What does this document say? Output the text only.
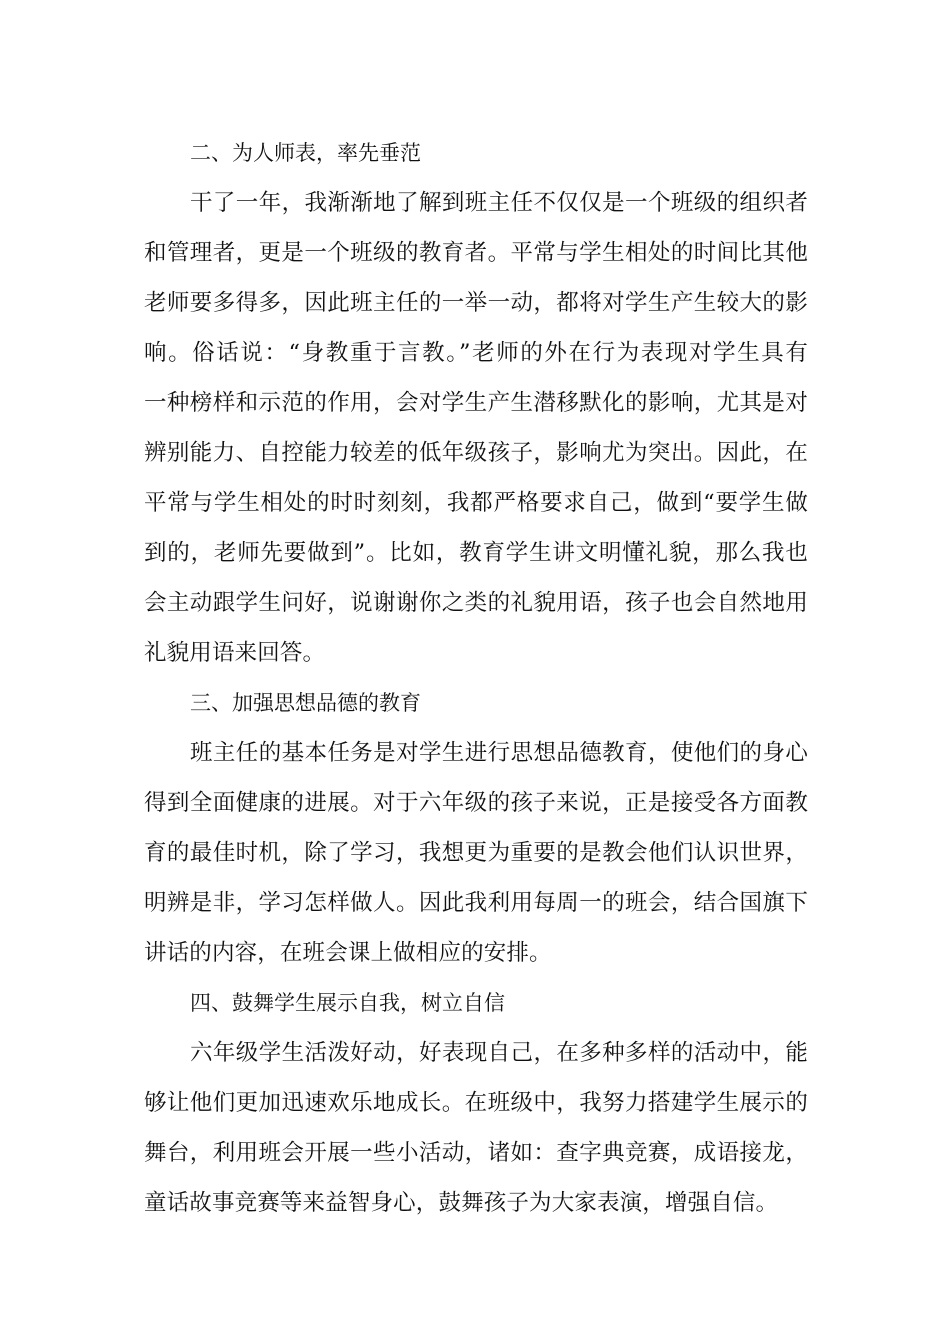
二、为人师表，率先垂范
干了一年，我渐渐地了解到班主任不仅仅是一个班级的组织者
和管理者，更是一个班级的教育者。平常与学生相处的时间比其他
老师要多得多，因此班主任的一举一动，都将对学生产生较大的影
响。俗话说：“身教重于言教。”老师的外在行为表现对学生具有
一种榜样和示范的作用，会对学生产生潜移默化的影响，尤其是对
辨别能力、自控能力较差的低年级孩子，影响尤为突出。因此，在
平常与学生相处的时时刻刻，我都严格要求自己，做到“要学生做
到的，老师先要做到”。比如，教育学生讲文明懂礼貌，那么我也
会主动跟学生问好，说谢谢你之类的礼貌用语，孩子也会自然地用
礼貌用语来回答。
三、加强思想品德的教育
班主任的基本任务是对学生进行思想品德教育，使他们的身心
得到全面健康的进展。对于六年级的孩子来说，正是接受各方面教
育的最佳时机，除了学习，我想更为重要的是教会他们认识世界，
明辨是非，学习怎样做人。因此我利用每周一的班会，结合国旗下
讲话的内容，在班会课上做相应的安排。
四、鼓舞学生展示自我，树立自信
六年级学生活泼好动，好表现自己，在多种多样的活动中，能
够让他们更加迅速欢乐地成长。在班级中，我努力搭建学生展示的
舞台，利用班会开展一些小活动，诸如：查字典竞赛，成语接龙，
童话故事竞赛等来益智身心，鼓舞孩子为大家表演，增强自信。
